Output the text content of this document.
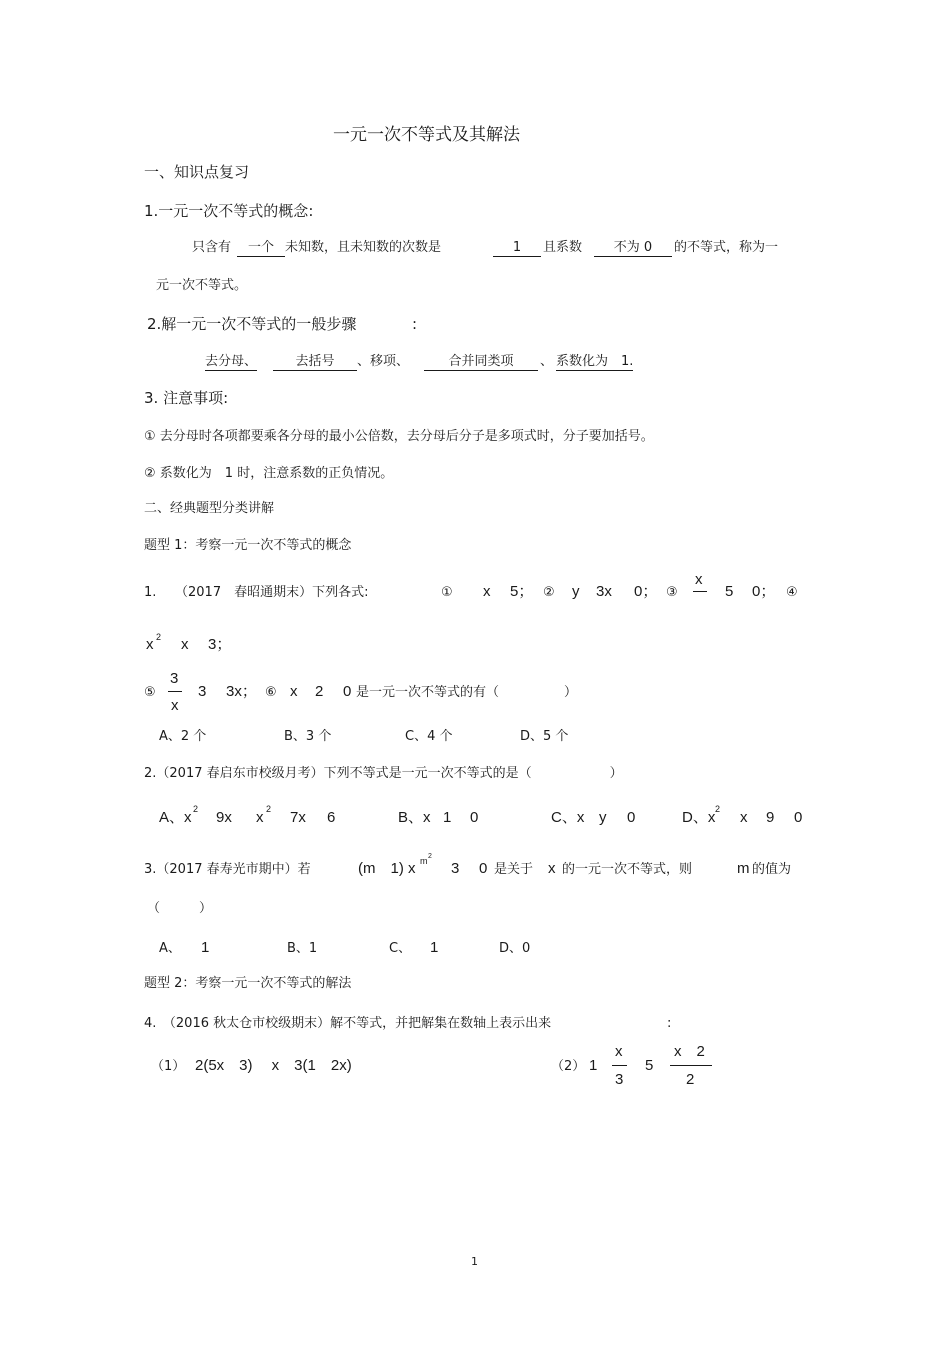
一元一次不等式及其解法
一、知识点复习
1.一元一次不等式的概念:
只含有 一个 未知数，且未知数的次数是	1	且系数	不为 0	的不等式，称为一
元一次不等式。
2.解一元一次不等式的一般步骤	:
去分母、	去括号	、移项、	合并同类项	、 系数化为　1.
3. 注意事项:
① 去分母时各项都要乘各分母的最小公倍数，去分母后分子是多项式时，分子要加括号。
② 系数化为　1 时，注意系数的正负情况。
二、经典题型分类讲解
题型 1：考察一元一次不等式的概念
1. （2017　春昭通期末）下列各式:	① x 5； ② y 3x 0； ③
x
5 0； ④
x 2 x 3；
⑤
3
x
3 3x； ⑥ x 2 0 是一元一次不等式的有（　　　　　）
A、2 个	B、3 个	C、4 个	D、5 个
2.（2017 春启东市校级月考）下列不等式是一元一次不等式的是（　　　　　　）
A、x 2 9x x 2 7x 6	B、x 1 0	C、x y 0	D、x 2 x 9 0
3.（2017 春寿光市期中）若	(m　1) x m 2
3 0 是关于 x 的一元一次不等式，则	m 的值为
（　　　）
A、 1	B、1	C、 1	D、0
题型 2：考察一元一次不等式的解法
4.　（2016 秋太仓市校级期末）解不等式，并把解集在数轴上表示出来	:
（1） 2(5x　3)　 x　3(1　2x)	（2） 1
x
3
5
x　2
2
1
